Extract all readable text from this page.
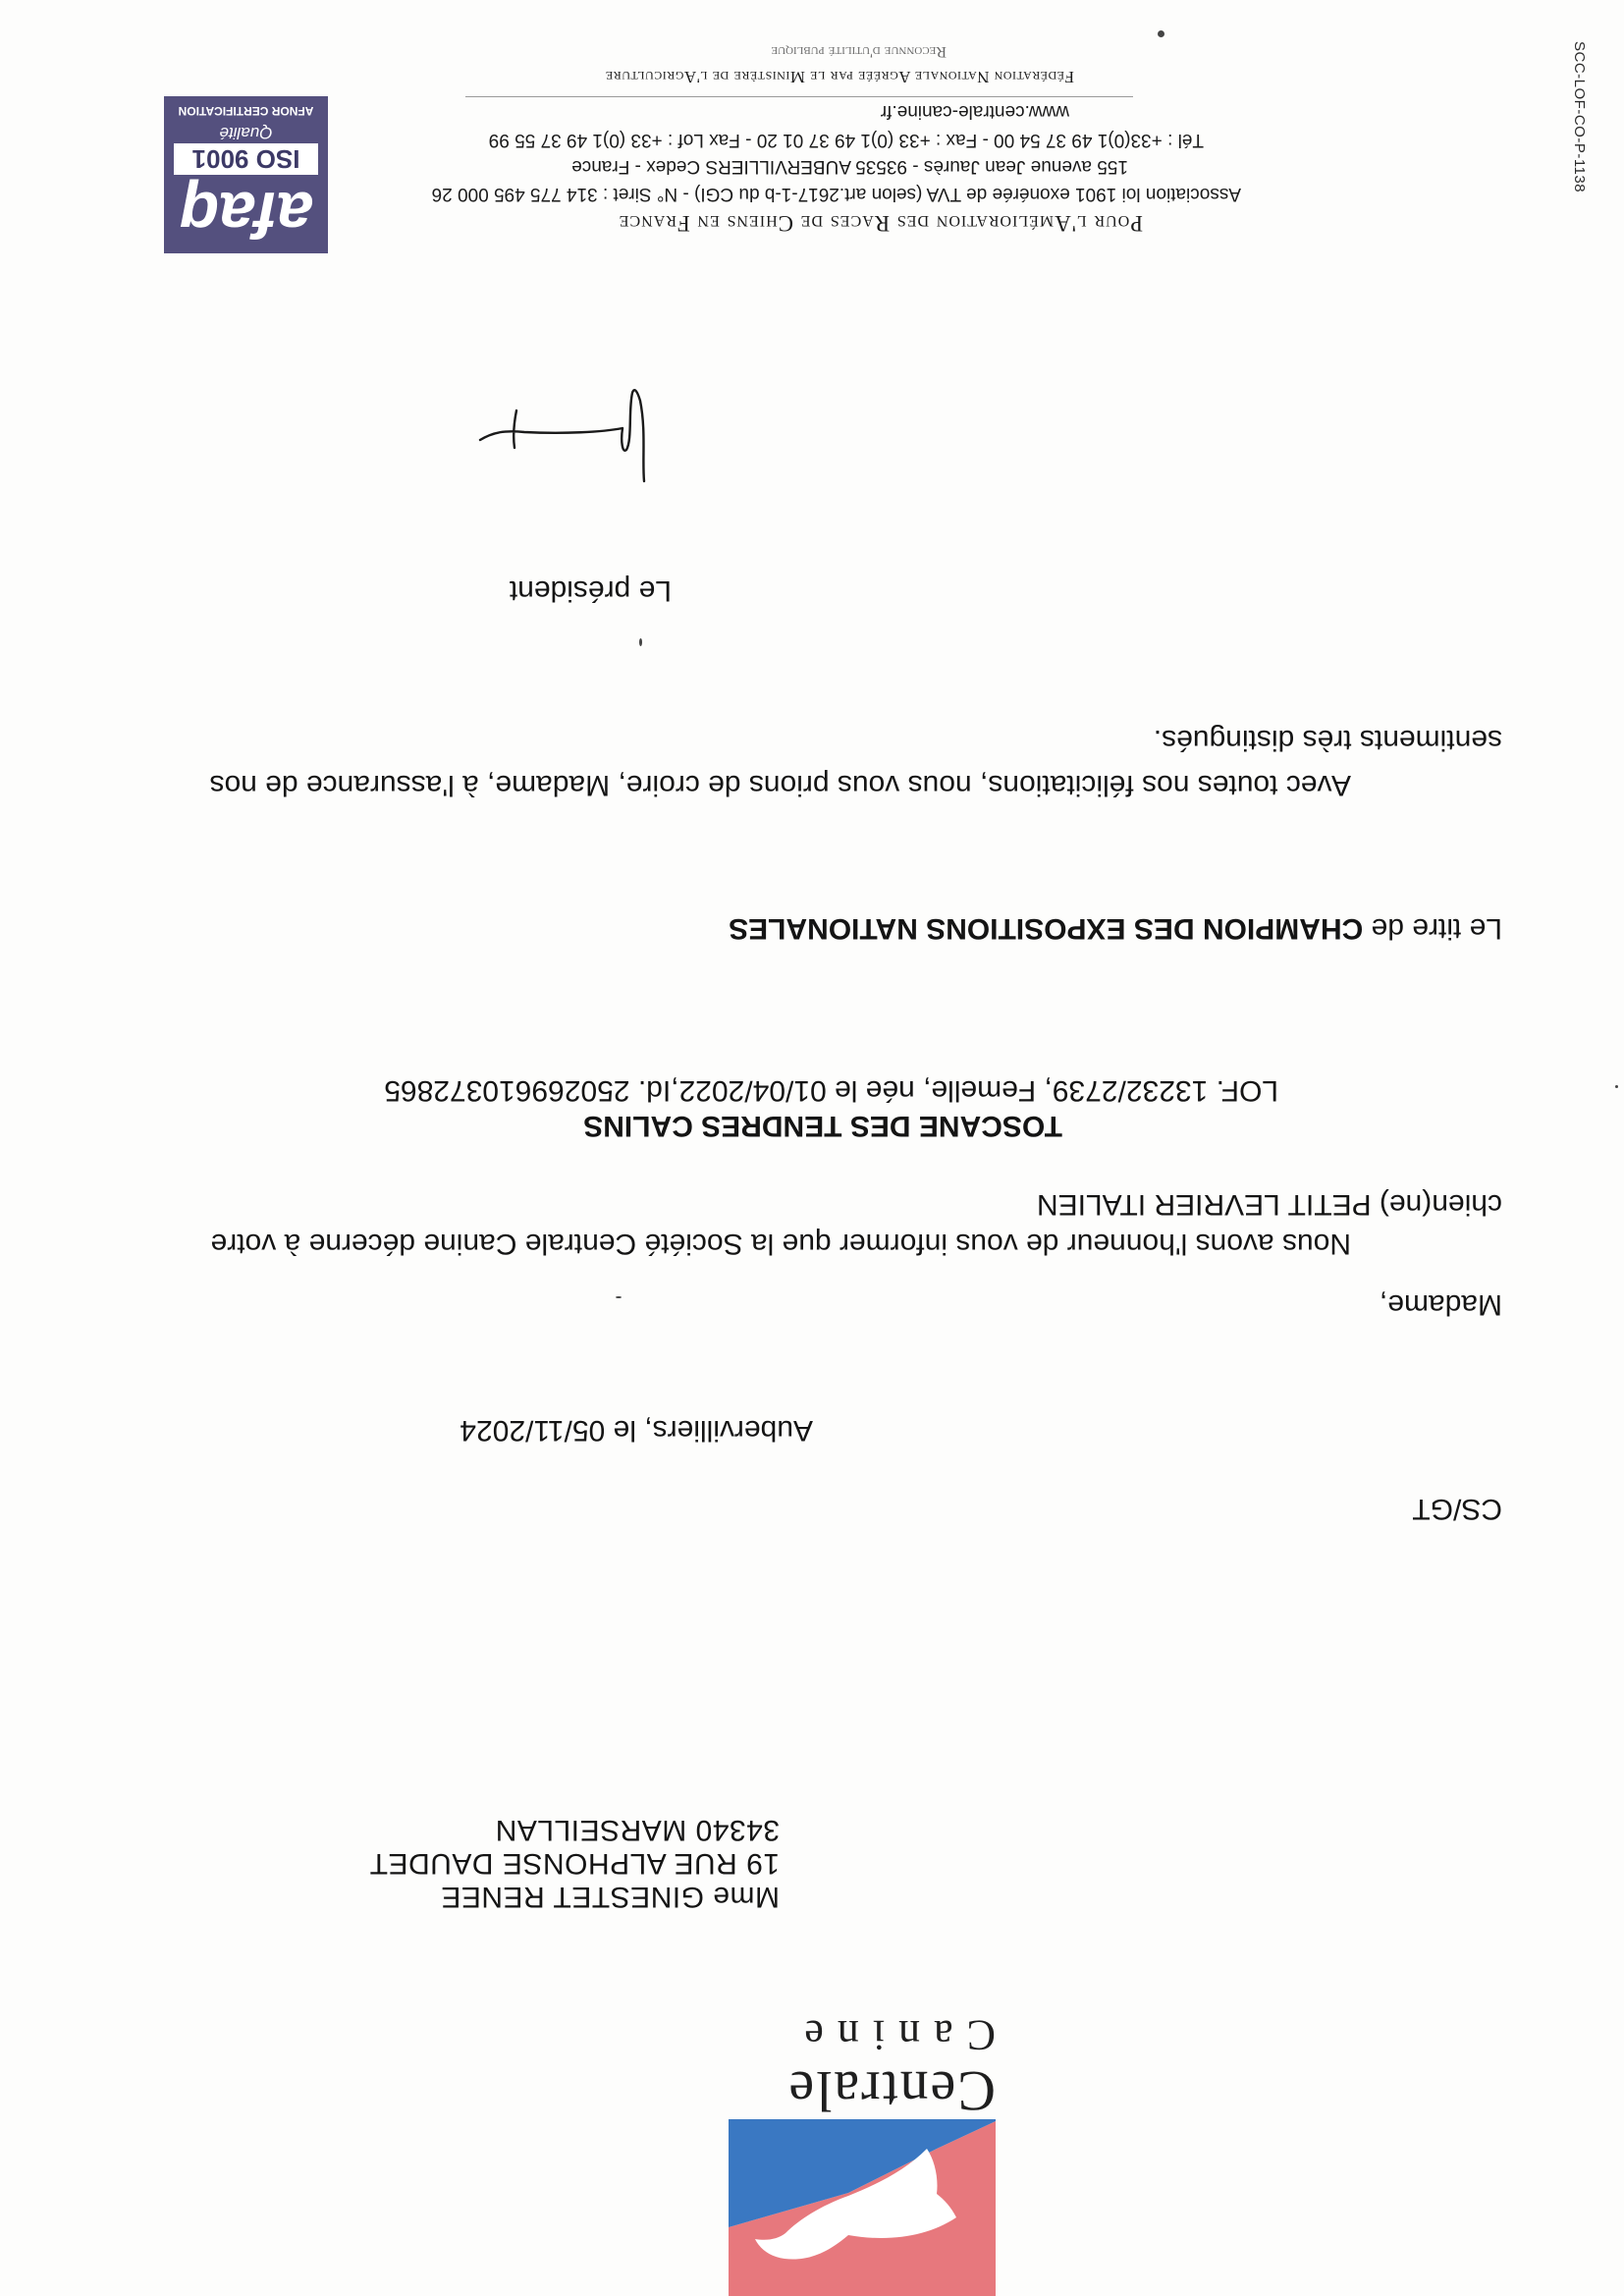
Centrale
Canine
Mme GINESTET RENEE
19 RUE ALPHONSE DAUDET
34340 MARSEILLAN
CS/GT
Aubervilliers, le 05/11/2024
Madame,
Nous avons l'honneur de vous informer que la Société Centrale Canine décerne à votre
chien(ne) PETIT LEVRIER ITALIEN
TOSCANE DES TENDRES CALINS
LOF. 13232/2739, Femelle, née le 01/04/2022,Id. 250269610372865
Le titre de CHAMPION DES EXPOSITIONS NATIONALES
Avec toutes nos félicitations, nous vous prions de croire, Madame, à l'assurance de nos
sentiments très distingués.
Le président
Pour l'Amélioration des Races de Chiens en France
Association loi 1901 exonérée de TVA (selon art.2617-1-b du CGI) - N° Siret : 314 775 495 000 26
155 avenue Jean Jaurès - 93535 AUBERVILLIERS Cedex - France
Tél : +33(0)1 49 37 54 00 - Fax : +33 (0)1 49 37 01 20 - Fax Lof : +33 (0)1 49 37 55 99
www.centrale-canine.fr
Fédération Nationale Agréée par le Ministère de l'Agriculture
Reconnue d'utilité publique
afaq
ISO 9001
Qualité
AFNOR CERTIFICATION	SCC-LOF-CO-P-1138
